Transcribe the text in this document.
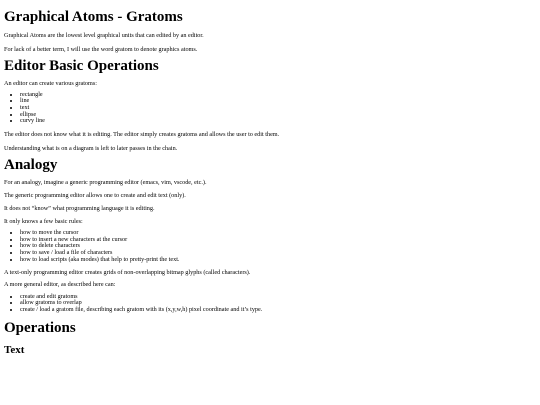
Graphical Atoms - Gratoms

Graphical Atoms are the lowest level graphical units that can edited by an editor.

For lack of a better term, I will use the word gratom to denote graphics atoms.

Editor Basic Operations

An editor can create various gratoms:

• rectangle
• line
• text
• ellipse
• curvy line

The editor does not know what it is editing. The editor simply creates gratoms and allows the user to edit them.

Understanding what is on a diagram is left to later passes in the chain.

Analogy

For an analogy, imagine a generic programming editor (emacs, vim, vscode, etc.).

The generic programming editor allows one to create and edit text (only).

It does not “know” what programming language it is editing.

It only knows a few basic rules:

• how to move the cursor
• how to insert a new characters at the cursor
• how to delete characters
• how to save / load a file of characters
• how to load scripts (aka modes) that help to pretty-print the text.

A text-only programming editor creates grids of non-overlapping bitmap glyphs (called characters).

A more general editor, as described here can:

• create and edit gratoms
• allow gratoms to overlap
• create / load a gratom file, describing each gratom with its (x,y,w,h) pixel coordinate and it’s type.
Operations
Text
